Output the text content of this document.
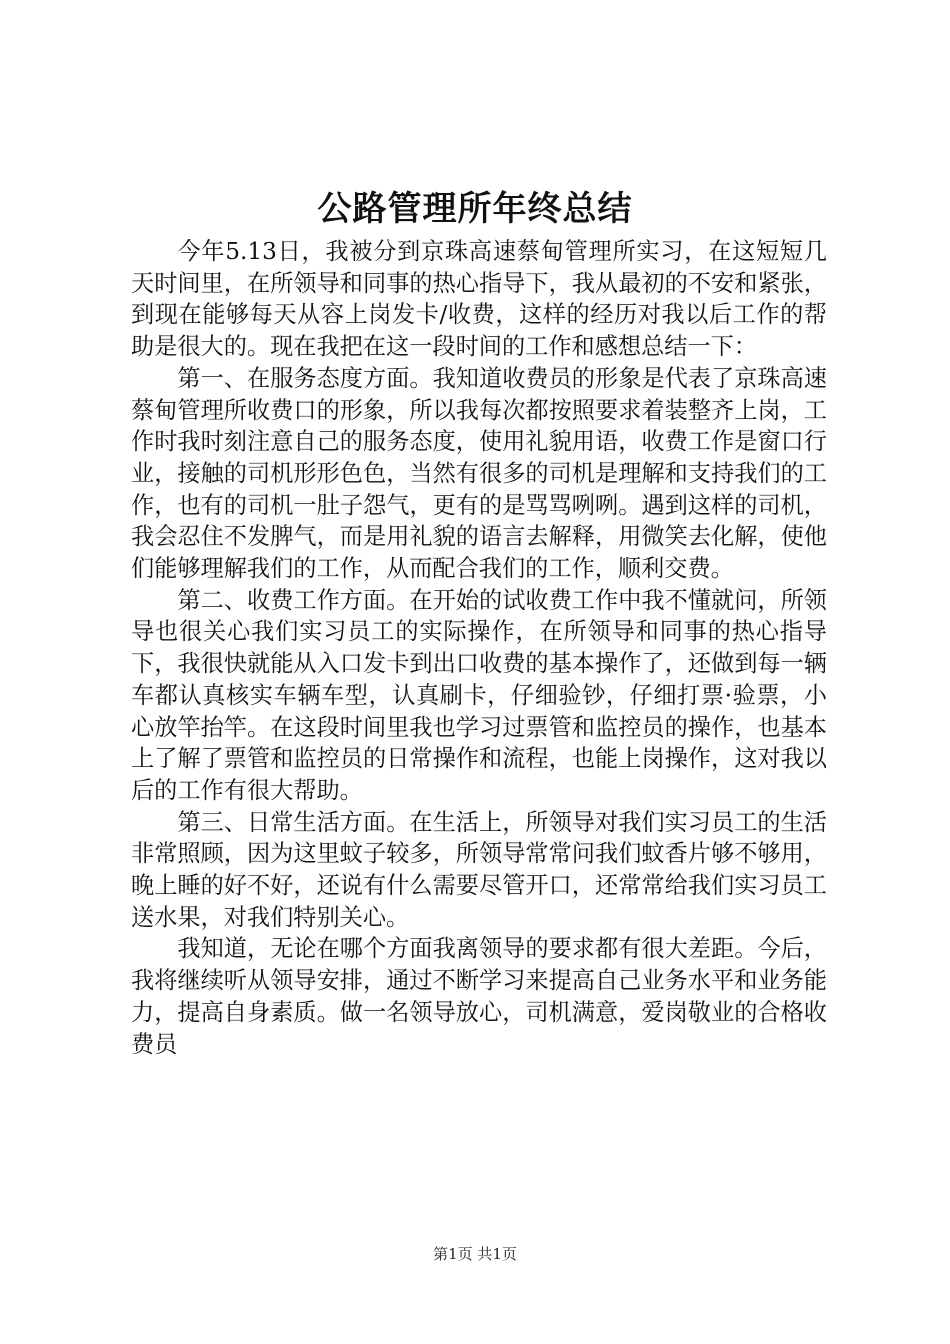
公路管理所年终总结

今年5.13日，我被分到京珠高速蔡甸管理所实习，在这短短几天时间里，在所领导和同事的热心指导下，我从最初的不安和紧张，到现在能够每天从容上岗发卡/收费，这样的经历对我以后工作的帮助是很大的。现在我把在这一段时间的工作和感想总结一下：

第一、在服务态度方面。我知道收费员的形象是代表了京珠高速蔡甸管理所收费口的形象，所以我每次都按照要求着装整齐上岗，工作时我时刻注意自己的服务态度，使用礼貌用语，收费工作是窗口行业，接触的司机形形色色，当然有很多的司机是理解和支持我们的工作，也有的司机一肚子怨气，更有的是骂骂咧咧。遇到这样的司机，我会忍住不发脾气，而是用礼貌的语言去解释，用微笑去化解，使他们能够理解我们的工作，从而配合我们的工作，顺利交费。

第二、收费工作方面。在开始的试收费工作中我不懂就问，所领导也很关心我们实习员工的实际操作，在所领导和同事的热心指导下，我很快就能从入口发卡到出口收费的基本操作了，还做到每一辆车都认真核实车辆车型，认真刷卡，仔细验钞，仔细打票·验票，小心放竿抬竿。在这段时间里我也学习过票管和监控员的操作，也基本上了解了票管和监控员的日常操作和流程，也能上岗操作，这对我以后的工作有很大帮助。

第三、日常生活方面。在生活上，所领导对我们实习员工的生活非常照顾，因为这里蚊子较多，所领导常常问我们蚊香片够不够用，晚上睡的好不好，还说有什么需要尽管开口，还常常给我们实习员工送水果，对我们特别关心。

我知道，无论在哪个方面我离领导的要求都有很大差距。今后，我将继续听从领导安排，通过不断学习来提高自己业务水平和业务能力，提高自身素质。做一名领导放心，司机满意，爱岗敬业的合格收费员

第1页 共1页
